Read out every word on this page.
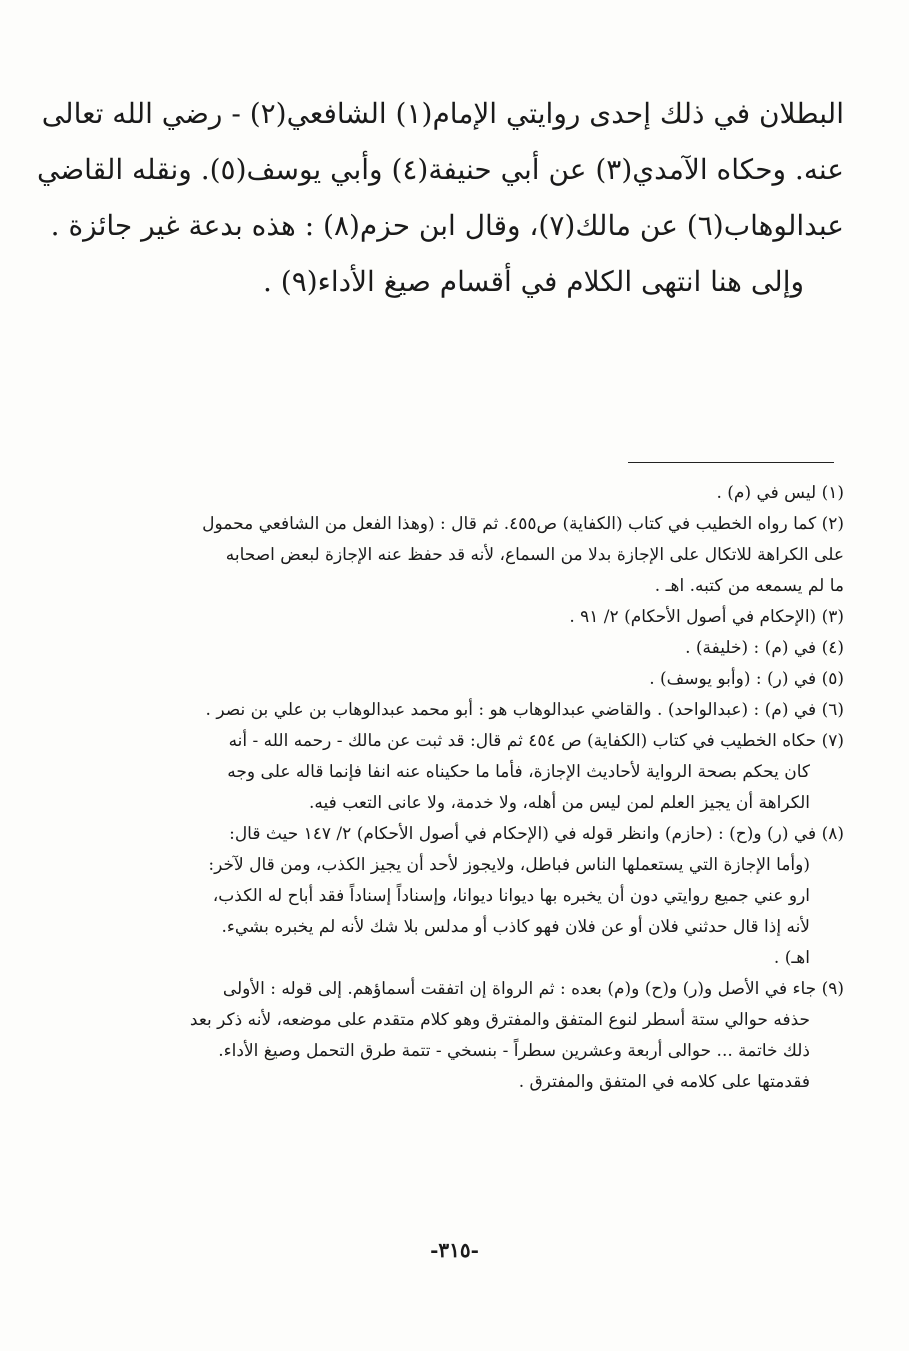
البطلان في ذلك إحدى روايتي الإمام(١) الشافعي(٢) - رضي الله تعالى
عنه. وحكاه الآمدي(٣) عن أبي حنيفة(٤) وأبي يوسف(٥). ونقله القاضي
عبدالوهاب(٦) عن مالك(٧)، وقال ابن حزم(٨) : هذه بدعة غير جائزة .
وإلى هنا انتهى الكلام في أقسام صيغ الأداء(٩) .
(١) ليس في (م) .
(٢) كما رواه الخطيب في كتاب (الكفاية) ص٤٥٥. ثم قال : (وهذا الفعل من الشافعي محمول
على الكراهة للاتكال على الإجازة بدلا من السماع، لأنه قد حفظ عنه الإجازة لبعض اصحابه
ما لم يسمعه من كتبه. اهـ .
(٣) (الإحكام في أصول الأحكام) ٢/ ٩١ .
(٤) في (م) : (خليفة) .
(٥) في (ر) : (وأبو يوسف) .
(٦) في (م) : (عبدالواحد) . والقاضي عبدالوهاب هو : أبو محمد عبدالوهاب بن علي بن نصر .
(٧) حكاه الخطيب في كتاب (الكفاية) ص ٤٥٤ ثم قال: قد ثبت عن مالك - رحمه الله - أنه
كان يحكم بصحة الرواية لأحاديث الإجازة، فأما ما حكيناه عنه انفا فإنما قاله على وجه
الكراهة أن يجيز العلم لمن ليس من أهله، ولا خدمة، ولا عانى التعب فيه.
(٨) في (ر) و(ح) : (حازم) وانظر قوله في (الإحكام في أصول الأحكام) ٢/ ١٤٧ حيث قال:
(وأما الإجازة التي يستعملها الناس فباطل، ولايجوز لأحد أن يجيز الكذب، ومن قال لآخر:
ارو عني جميع روايتي دون أن يخبره بها ديوانا ديوانا، وإسناداً إسناداً فقد أباح له الكذب،
لأنه إذا قال حدثني فلان أو عن فلان فهو كاذب أو مدلس بلا شك لأنه لم يخبره بشيء.
اهـ) .
(٩) جاء في الأصل و(ر) و(ح) و(م) بعده : ثم الرواة إن اتفقت أسماؤهم. إلى قوله : الأولى
حذفه حوالي ستة أسطر لنوع المتفق والمفترق وهو كلام متقدم على موضعه، لأنه ذكر بعد
ذلك خاتمة ... حوالى أربعة وعشرين سطراً - بنسخي - تتمة طرق التحمل وصيغ الأداء.
فقدمتها على كلامه في المتفق والمفترق .
-٣١٥-
